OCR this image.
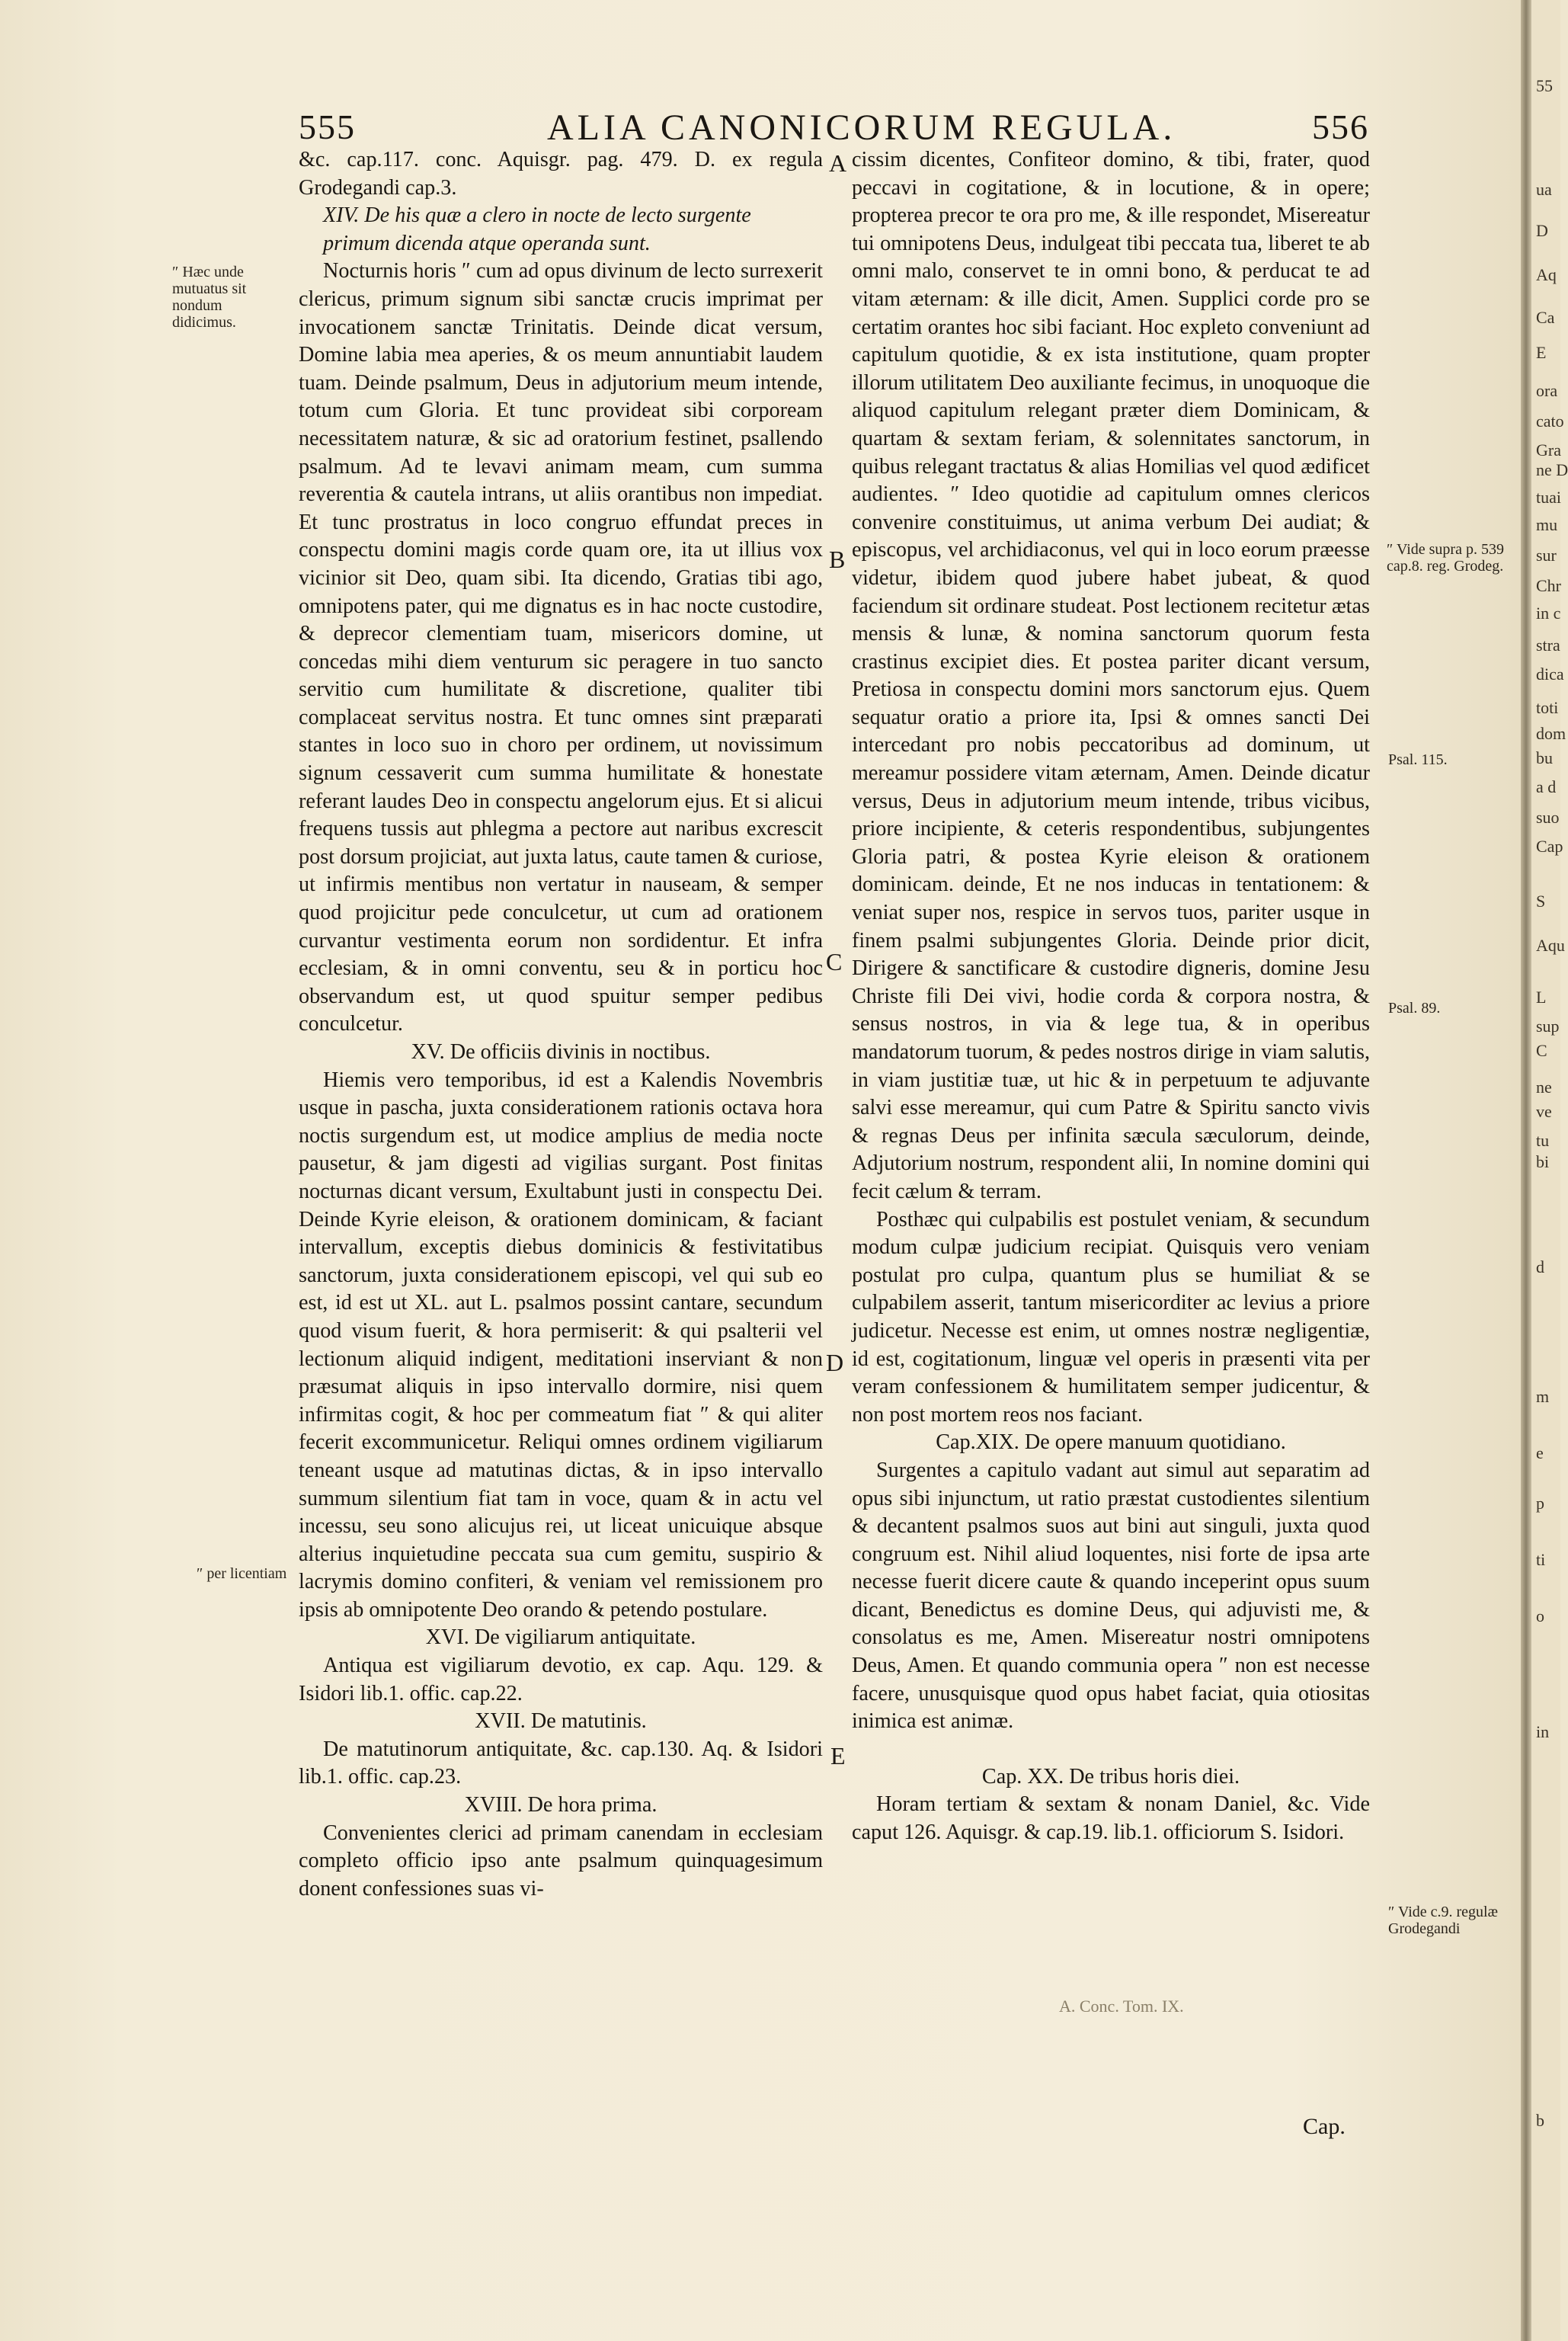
555	ALIA CANONICORUM REGULA.	556

&c. cap.117. conc. Aquisgr. pag. 479. D. ex regula Grodegandi cap.3.

XIV. De his quæ a clero in nocte de lecto surgente primum dicenda atque operanda sunt.

Nocturnis horis ″ cum ad opus divinum de lecto surrexerit clericus, primum signum sibi sanctæ crucis imprimat per invocationem sanctæ Trinitatis. Deinde dicat versum, Domine labia mea aperies, & os meum annuntiabit laudem tuam. Deinde psalmum, Deus in adjutorium meum intende, totum cum Gloria. Et tunc provideat sibi corpoream necessitatem naturæ, & sic ad oratorium festinet, psallendo psalmum. Ad te levavi animam meam, cum summa reverentia & cautela intrans, ut aliis orantibus non impediat. Et tunc prostratus in loco congruo effundat preces in conspectu domini magis corde quam ore, ita ut illius vox vicinior sit Deo, quam sibi. Ita dicendo, Gratias tibi ago, omnipotens pater, qui me dignatus es in hac nocte custodire, & deprecor clementiam tuam, misericors domine, ut concedas mihi diem venturum sic peragere in tuo sancto servitio cum humilitate & discretione, qualiter tibi complaceat servitus nostra. Et tunc omnes sint præparati stantes in loco suo in choro per ordinem, ut novissimum signum cessaverit cum summa humilitate & honestate referant laudes Deo in conspectu angelorum ejus. Et si alicui frequens tussis aut phlegma a pectore aut naribus excrescit post dorsum projiciat, aut juxta latus, caute tamen & curiose, ut infirmis mentibus non vertatur in nauseam, & semper quod projicitur pede conculcetur, ut cum ad orationem curvantur vestimenta eorum non sordidentur. Et infra ecclesiam, & in omni conventu, seu & in porticu hoc observandum est, ut quod spuitur semper pedibus conculcetur.

XV. De officiis divinis in noctibus.

Hiemis vero temporibus, id est a Kalendis Novembris usque in pascha, juxta considerationem rationis octava hora noctis surgendum est, ut modice amplius de media nocte pausetur, & jam digesti ad vigilias surgant. Post finitas nocturnas dicant versum, Exultabunt justi in conspectu Dei. Deinde Kyrie eleison, & orationem dominicam, & faciant intervallum, exceptis diebus dominicis & festivitatibus sanctorum, juxta considerationem episcopi, vel qui sub eo est, id est ut XL. aut L. psalmos possint cantare, secundum quod visum fuerit, & hora permiserit: & qui psalterii vel lectionum aliquid indigent, meditationi inserviant & non præsumat aliquis in ipso intervallo dormire, nisi quem infirmitas cogit, & hoc per commeatum fiat ″ & qui aliter fecerit excommunicetur. Reliqui omnes ordinem vigiliarum teneant usque ad matutinas dictas, & in ipso intervallo summum silentium fiat tam in voce, quam & in actu vel incessu, seu sono alicujus rei, ut liceat unicuique absque alterius inquietudine peccata sua cum gemitu, suspirio & lacrymis domino confiteri, & veniam vel remissionem pro ipsis ab omnipotente Deo orando & petendo postulare.

XVI. De vigiliarum antiquitate.

Antiqua est vigiliarum devotio, ex cap. Aqu. 129. & Isidori lib.1. offic. cap.22.

XVII. De matutinis.

De matutinorum antiquitate, &c. cap.130. Aq. & Isidori lib.1. offic. cap.23.

XVIII. De hora prima.

Convenientes clerici ad primam canendam in ecclesiam completo officio ipso ante psalmum quinquagesimum donent confessiones suas vi-

cissim dicentes, Confiteor domino, & tibi, frater, quod peccavi in cogitatione, & in locutione, & in opere; propterea precor te ora pro me, & ille respondet, Misereatur tui omnipotens Deus, indulgeat tibi peccata tua, liberet te ab omni malo, conservet te in omni bono, & perducat te ad vitam æternam: & ille dicit, Amen. Supplici corde pro se certatim orantes hoc sibi faciant. Hoc expleto conveniunt ad capitulum quotidie, & ex ista institutione, quam propter illorum utilitatem Deo auxiliante fecimus, in unoquoque die aliquod capitulum relegant præter diem Dominicam, & quartam & sextam feriam, & solennitates sanctorum, in quibus relegant tractatus & alias Homilias vel quod ædificet audientes. ″ Ideo quotidie ad capitulum omnes clericos convenire constituimus, ut anima verbum Dei audiat; & episcopus, vel archidiaconus, vel qui in loco eorum præesse videtur, ibidem quod jubere habet jubeat, & quod faciendum sit ordinare studeat. Post lectionem recitetur ætas mensis & lunæ, & nomina sanctorum quorum festa crastinus excipiet dies. Et postea pariter dicant versum, Pretiosa in conspectu domini mors sanctorum ejus. Quem sequatur oratio a priore ita, Ipsi & omnes sancti Dei intercedant pro nobis peccatoribus ad dominum, ut mereamur possidere vitam æternam, Amen. Deinde dicatur versus, Deus in adjutorium meum intende, tribus vicibus, priore incipiente, & ceteris respondentibus, subjungentes Gloria patri, & postea Kyrie eleison & orationem dominicam. deinde, Et ne nos inducas in tentationem: & veniat super nos, respice in servos tuos, pariter usque in finem psalmi subjungentes Gloria. Deinde prior dicit, Dirigere & sanctificare & custodire digneris, domine Jesu Christe fili Dei vivi, hodie corda & corpora nostra, & sensus nostros, in via & lege tua, & in operibus mandatorum tuorum, & pedes nostros dirige in viam salutis, in viam justitiæ tuæ, ut hic & in perpetuum te adjuvante salvi esse mereamur, qui cum Patre & Spiritu sancto vivis & regnas Deus per infinita sæcula sæculorum, deinde, Adjutorium nostrum, respondent alii, In nomine domini qui fecit cælum & terram.

Posthæc qui culpabilis est postulet veniam, & secundum modum culpæ judicium recipiat. Quisquis vero veniam postulat pro culpa, quantum plus se humiliat & se culpabilem asserit, tantum misericorditer ac levius a priore judicetur. Necesse est enim, ut omnes nostræ negligentiæ, id est, cogitationum, linguæ vel operis in præsenti vita per veram confessionem & humilitatem semper judicentur, & non post mortem reos nos faciant.

Cap.XIX. De opere manuum quotidiano.

Surgentes a capitulo vadant aut simul aut separatim ad opus sibi injunctum, ut ratio præstat custodientes silentium & decantent psalmos suos aut bini aut singuli, juxta quod congruum est. Nihil aliud loquentes, nisi forte de ipsa arte necesse fuerit dicere caute & quando inceperint opus suum dicant, Benedictus es domine Deus, qui adjuvisti me, & consolatus es me, Amen. Misereatur nostri omnipotens Deus, Amen. Et quando communia opera ″ non est necesse facere, unusquisque quod opus habet faciat, quia otiositas inimica est animæ.

Cap. XX. De tribus horis diei.

Horam tertiam & sextam & nonam Daniel, &c. Vide caput 126. Aquisgr. & cap.19. lib.1. officiorum S. Isidori.

″ Hæc unde mutuatus sit nondum didicimus.
″ per licentiam
″ Vide supra p. 539 cap.8. reg. Grodeg.
Psal. 115.
Psal. 89.
″ Vide c.9. regulæ Grodegandi
A
B
C
D
E
A. Conc. Tom. IX.
Cap.
55
ua
D
Aq
Ca
E
ora
cato
Gra
ne D
tuai
mu
sur
Chr
in c
stra
dica
toti
dom
bu
a d
suo
Cap
S
Aqu
L
sup
C
ne
ve
tu
bi
d
m
e
p
ti
o
in
b
